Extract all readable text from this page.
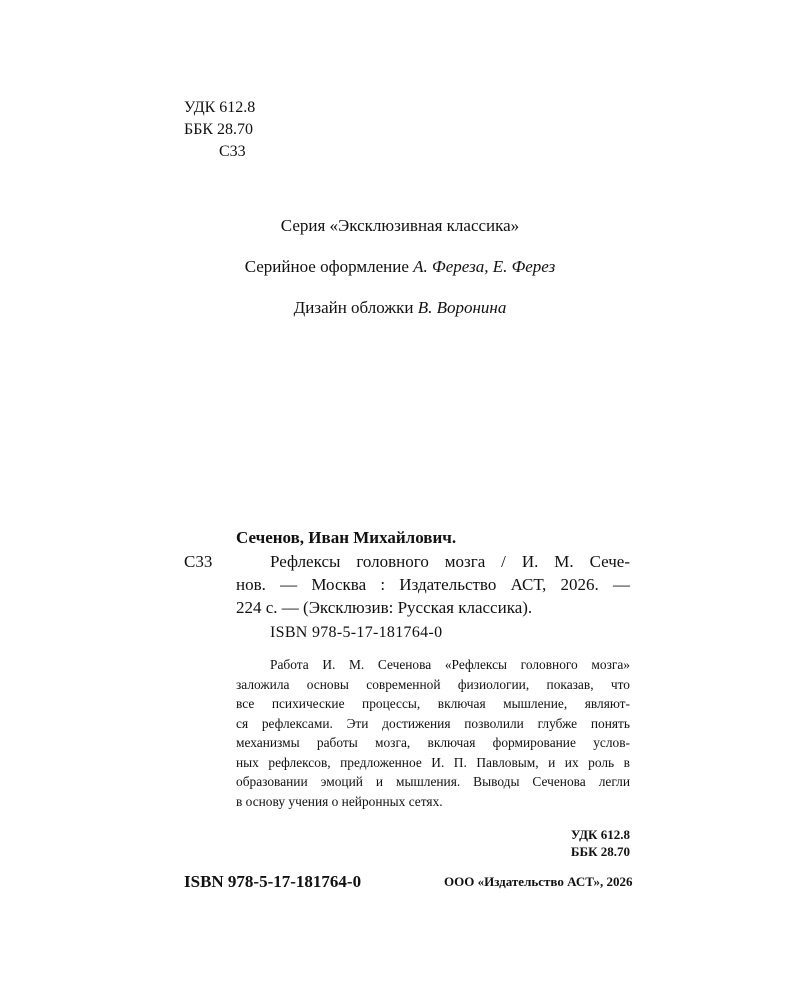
УДК 612.8
ББК 28.70
С33
Серия «Эксклюзивная классика»
Серийное оформление А. Фереза, Е. Ферез
Дизайн обложки В. Воронина
Сеченов, Иван Михайлович.
С33	Рефлексы головного мозга / И. М. Сече-
нов. — Москва : Издательство АСТ, 2026. —
224 с. — (Эксклюзив: Русская классика).
ISBN 978-5-17-181764-0
Работа И. М. Сеченова «Рефлексы головного мозга»
заложила основы современной физиологии, показав, что
все психические процессы, включая мышление, являют-
ся рефлексами. Эти достижения позволили глубже понять
механизмы работы мозга, включая формирование услов-
ных рефлексов, предложенное И. П. Павловым, и их роль в
образовании эмоций и мышления. Выводы Сеченова легли
в основу учения о нейронных сетях.
УДК 612.8
ББК 28.70
ISBN 978-5-17-181764-0	ООО «Издательство АСТ», 2026
